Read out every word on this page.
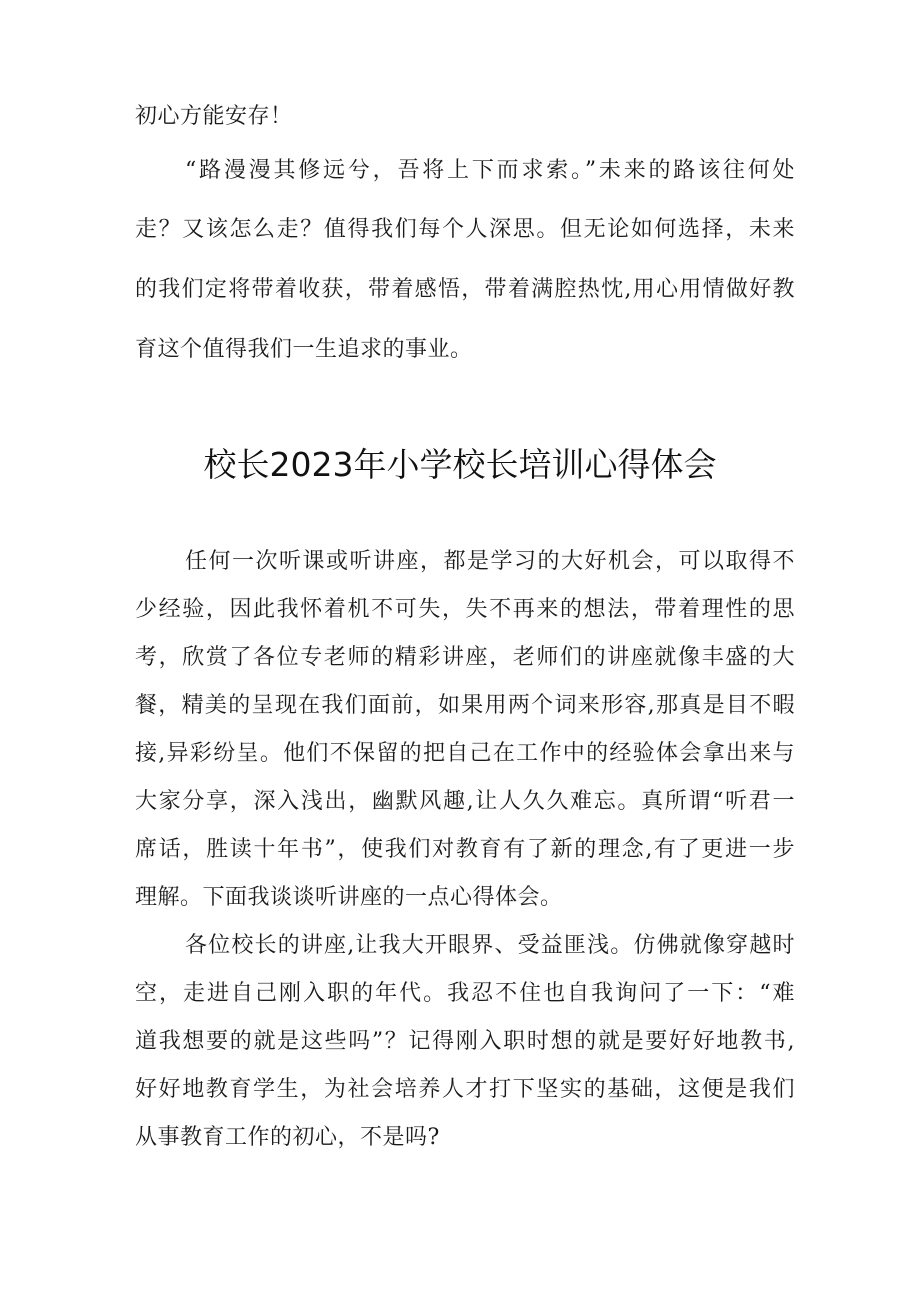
初心方能安存！
“路漫漫其修远兮，吾将上下而求索。”未来的路该往何处
走？又该怎么走？值得我们每个人深思。但无论如何选择，未来
的我们定将带着收获，带着感悟，带着满腔热忱,用心用情做好教
育这个值得我们一生追求的事业。
校长2023年小学校长培训心得体会
任何一次听课或听讲座，都是学习的大好机会，可以取得不
少经验，因此我怀着机不可失，失不再来的想法，带着理性的思
考，欣赏了各位专老师的精彩讲座，老师们的讲座就像丰盛的大
餐，精美的呈现在我们面前，如果用两个词来形容,那真是目不暇
接,异彩纷呈。他们不保留的把自己在工作中的经验体会拿出来与
大家分享，深入浅出，幽默风趣,让人久久难忘。真所谓“听君一
席话，胜读十年书”，使我们对教育有了新的理念,有了更进一步
理解。下面我谈谈听讲座的一点心得体会。
各位校长的讲座,让我大开眼界、受益匪浅。仿佛就像穿越时
空，走进自己刚入职的年代。我忍不住也自我询问了一下：“难
道我想要的就是这些吗”？记得刚入职时想的就是要好好地教书,
好好地教育学生，为社会培养人才打下坚实的基础，这便是我们
从事教育工作的初心，不是吗?
